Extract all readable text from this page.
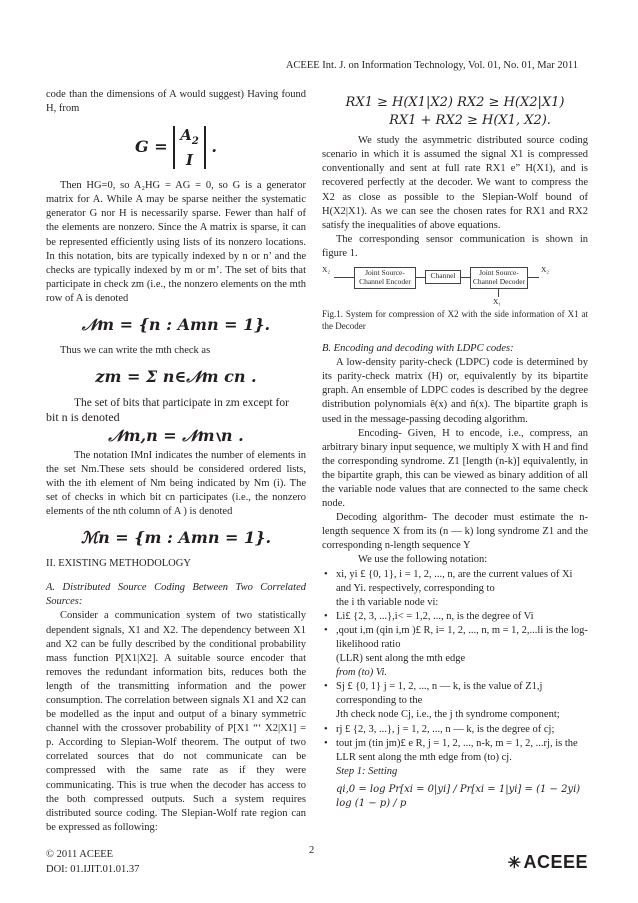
ACEEE Int. J. on Information Technology, Vol. 01, No. 01, Mar 2011

code than the dimensions of A would suggest) Having found H, from

$G = A_2$
I .

Then HG=0, so A₂HG = AG = 0, so G is a generator matrix for A. While A may be sparse neither the systematic generator G nor H is necessarily sparse. Fewer than half of the elements are nonzero. Since the A matrix is sparse, it can be represented efficiently using lists of its nonzero locations. In this notation, bits are typically indexed by n or n’ and the checks are typically indexed by m or m’. The set of bits that participate in check zm (i.e., the nonzero elements on the mth row of A is denoted

𝒩m = {n : Amn = 1}.

Thus we can write the mth check as

zm = Σ n∈𝒩m cn .

The set of bits that participate in zm except for

bit n is denoted

𝒩m,n = 𝒩m∖n .

The notation IMnI indicates the number of elements in the set Nm.These sets should be considered ordered lists, with the ith element of Nm being indicated by Nm (i). The set of checks in which bit cn participates (i.e., the nonzero elements of the nth column of A ) is denoted

ℳn = {m : Amn = 1}.

II. EXISTING METHODOLOGY

A. Distributed Source Coding Between Two Correlated Sources:

Consider a communication system of two statistically dependent signals, X1 and X2. The dependency between X1 and X2 can be fully described by the conditional probability mass function P[X1|X2]. A suitable source encoder that removes the redundant information bits, reduces both the length of the transmitting information and the power consumption. The correlation between signals X1 and X2 can be modelled as the input and output of a binary symmetric channel with the crossover probability of P[X1 “‘ X2|X1] = p. According to Slepian-Wolf theorem. The output of two correlated sources that do not communicate can be compressed with the same rate as if they were communicating. This is true when the decoder has access to the both compressed outputs. Such a system requires distributed source coding. The Slepian-Wolf rate region can be expressed as following:

RX1 ≥ H(X1|X2) RX2 ≥ H(X2|X1)
RX1 + RX2 ≥ H(X1, X2).

We study the asymmetric distributed source coding scenario in which it is assumed the signal X1 is compressed conventionally and sent at full rate RX1 e” H(X1), and is recovered perfectly at the decoder. We want to compress the X2 as close as possible to the Slepian-Wolf bound of H(X2|X1). As we can see the chosen rates for RX1 and RX2 satisfy the inequalities of above equations.

The corresponding sensor communication is shown in figure 1.

X₂	Joint Source-Channel Encoder
Channel	Joint Source-Channel Decoder
X₂
X₁

Fig.1. System for compression of X2 with the side information of X1 at the Decoder

B. Encoding and decoding with LDPC codes:

A low-density parity-check (LDPC) code is determined by its parity-check matrix (H) or, equivalently by its bipartite graph. An ensemble of LDPC codes is described by the degree distribution polynomials ê(x) and ñ(x). The bipartite graph is used in the message-passing decoding algorithm.

Encoding- Given, H to encode, i.e., compress, an arbitrary binary input sequence, we multiply X with H and find the corresponding syndrome. Z1 [length (n-k)] equivalently, in the bipartite graph, this can be viewed as binary addition of all the variable node values that are connected to the same check node.

Decoding algorithm- The decoder must estimate the n-length sequence X from its (n — k) long syndrome Z1 and the corresponding n-length sequence Y

We use the following notation:

• xi, yi £ {0, 1}, i = 1, 2, ..., n, are the current values of Xi and Yi. respectively, corresponding to
the i th variable node vi:
• Li£ {2, 3, ...},i< = 1,2, ..., n, is the degree of Vi
• ,qout i,m (qin i,m )£ R, i= 1, 2, ..., n, m = 1, 2,...li is the log-likelihood ratio
(LLR) sent along the mth edge
from (to) Vi.
• Sj £ {0, 1} j = 1, 2, ..., n — k, is the value of Z1,j corresponding to the
Jth check node Cj, i.e., the j th syndrome component;
• rj £ {2, 3, ...}, j = 1, 2, ..., n — k, is the degree of cj;
• tout jm (tin jm)£ e R, j = 1, 2, ..., n-k, m = 1, 2, ...rj, is the LLR sent along the mth edge from (to) cj.
Step 1: Setting
qi,0 = log Pr[xi = 0|yi] / Pr[xi = 1|yi] = (1 − 2yi) log (1 − p) / p
© 2011 ACEEE
DOI: 01.IJIT.01.01.37
2
✳ ACEEE
